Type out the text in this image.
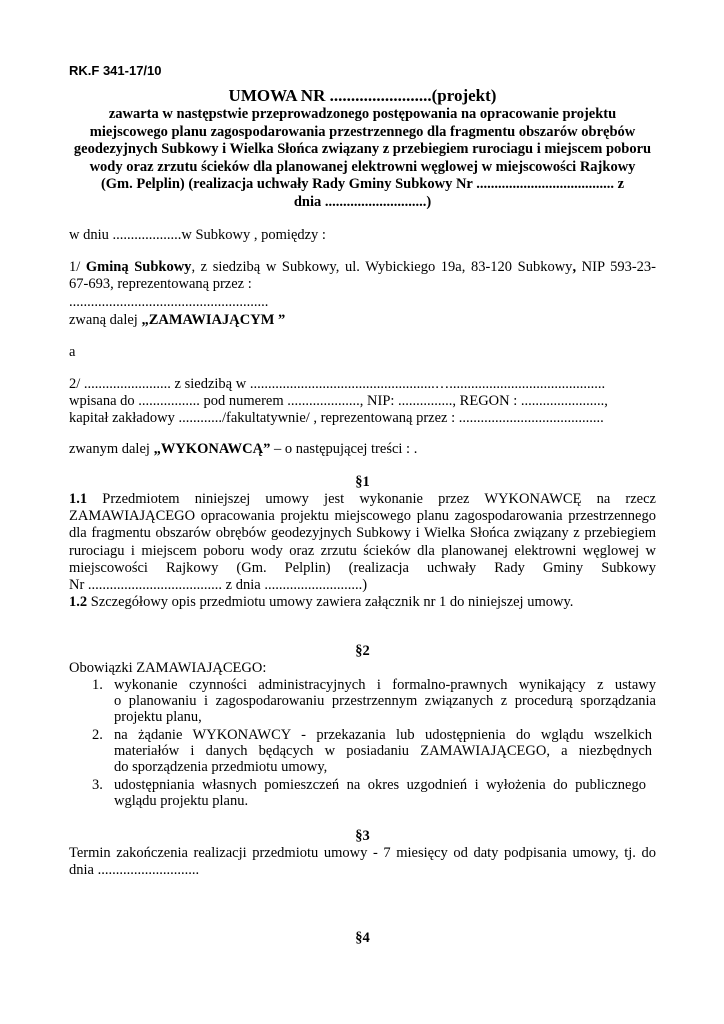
RK.F 341-17/10
UMOWA NR ........................(projekt)
zawarta w następstwie przeprowadzonego postępowania na opracowanie projektu
miejscowego planu zagospodarowania przestrzennego dla fragmentu obszarów obrębów
geodezyjnych Subkowy i Wielka Słońca związany z przebiegiem rurociagu i miejscem poboru
wody oraz zrzutu ścieków dla planowanej elektrowni węglowej w miejscowości Rajkowy
(Gm. Pelplin) (realizacja uchwały Rady Gminy Subkowy Nr ...................................... z
dnia ............................)
w dniu ...................w Subkowy , pomiędzy :
1/ Gminą Subkowy, z siedzibą w Subkowy, ul. Wybickiego 19a, 83-120 Subkowy, NIP 593-23-
67-693, reprezentowaną przez :
.......................................................
zwaną dalej „ZAMAWIAJĄCYM ”
a
2/ ........................ z siedzibą w ...................................................…...........................................
wpisana do ................. pod numerem ...................., NIP: ..............., REGON : .......................,
kapitał zakładowy ............/fakultatywnie/ , reprezentowaną przez : ........................................
zwanym dalej „WYKONAWCĄ” – o następującej treści : .
§1
1.1 Przedmiotem niniejszej umowy jest wykonanie przez WYKONAWCĘ na rzecz
ZAMAWIAJĄCEGO opracowania projektu miejscowego planu zagospodarowania przestrzennego
dla fragmentu obszarów obrębów geodezyjnych Subkowy i Wielka Słońca związany z przebiegiem
rurociagu i miejscem poboru wody oraz zrzutu ścieków dla planowanej elektrowni węglowej w
miejscowości Rajkowy (Gm. Pelplin) (realizacja uchwały Rady Gminy Subkowy
Nr ..................................... z dnia ...........................)
1.2 Szczegółowy opis przedmiotu umowy zawiera załącznik nr 1 do niniejszej umowy.
§2
Obowiązki ZAMAWIAJĄCEGO:
1. wykonanie czynności administracyjnych i formalno-prawnych wynikający z ustawy
o planowaniu i zagospodarowaniu przestrzennym związanych z procedurą sporządzania
projektu planu,
2. na żądanie WYKONAWCY - przekazania lub udostępnienia do wglądu wszelkich
materiałów i danych będących w posiadaniu ZAMAWIAJĄCEGO, a niezbędnych
do sporządzenia przedmiotu umowy,
3. udostępniania własnych pomieszczeń na okres uzgodnień i wyłożenia do publicznego
wglądu projektu planu.
§3
Termin zakończenia realizacji przedmiotu umowy - 7 miesięcy od daty podpisania umowy, tj. do
dnia ............................
§4
